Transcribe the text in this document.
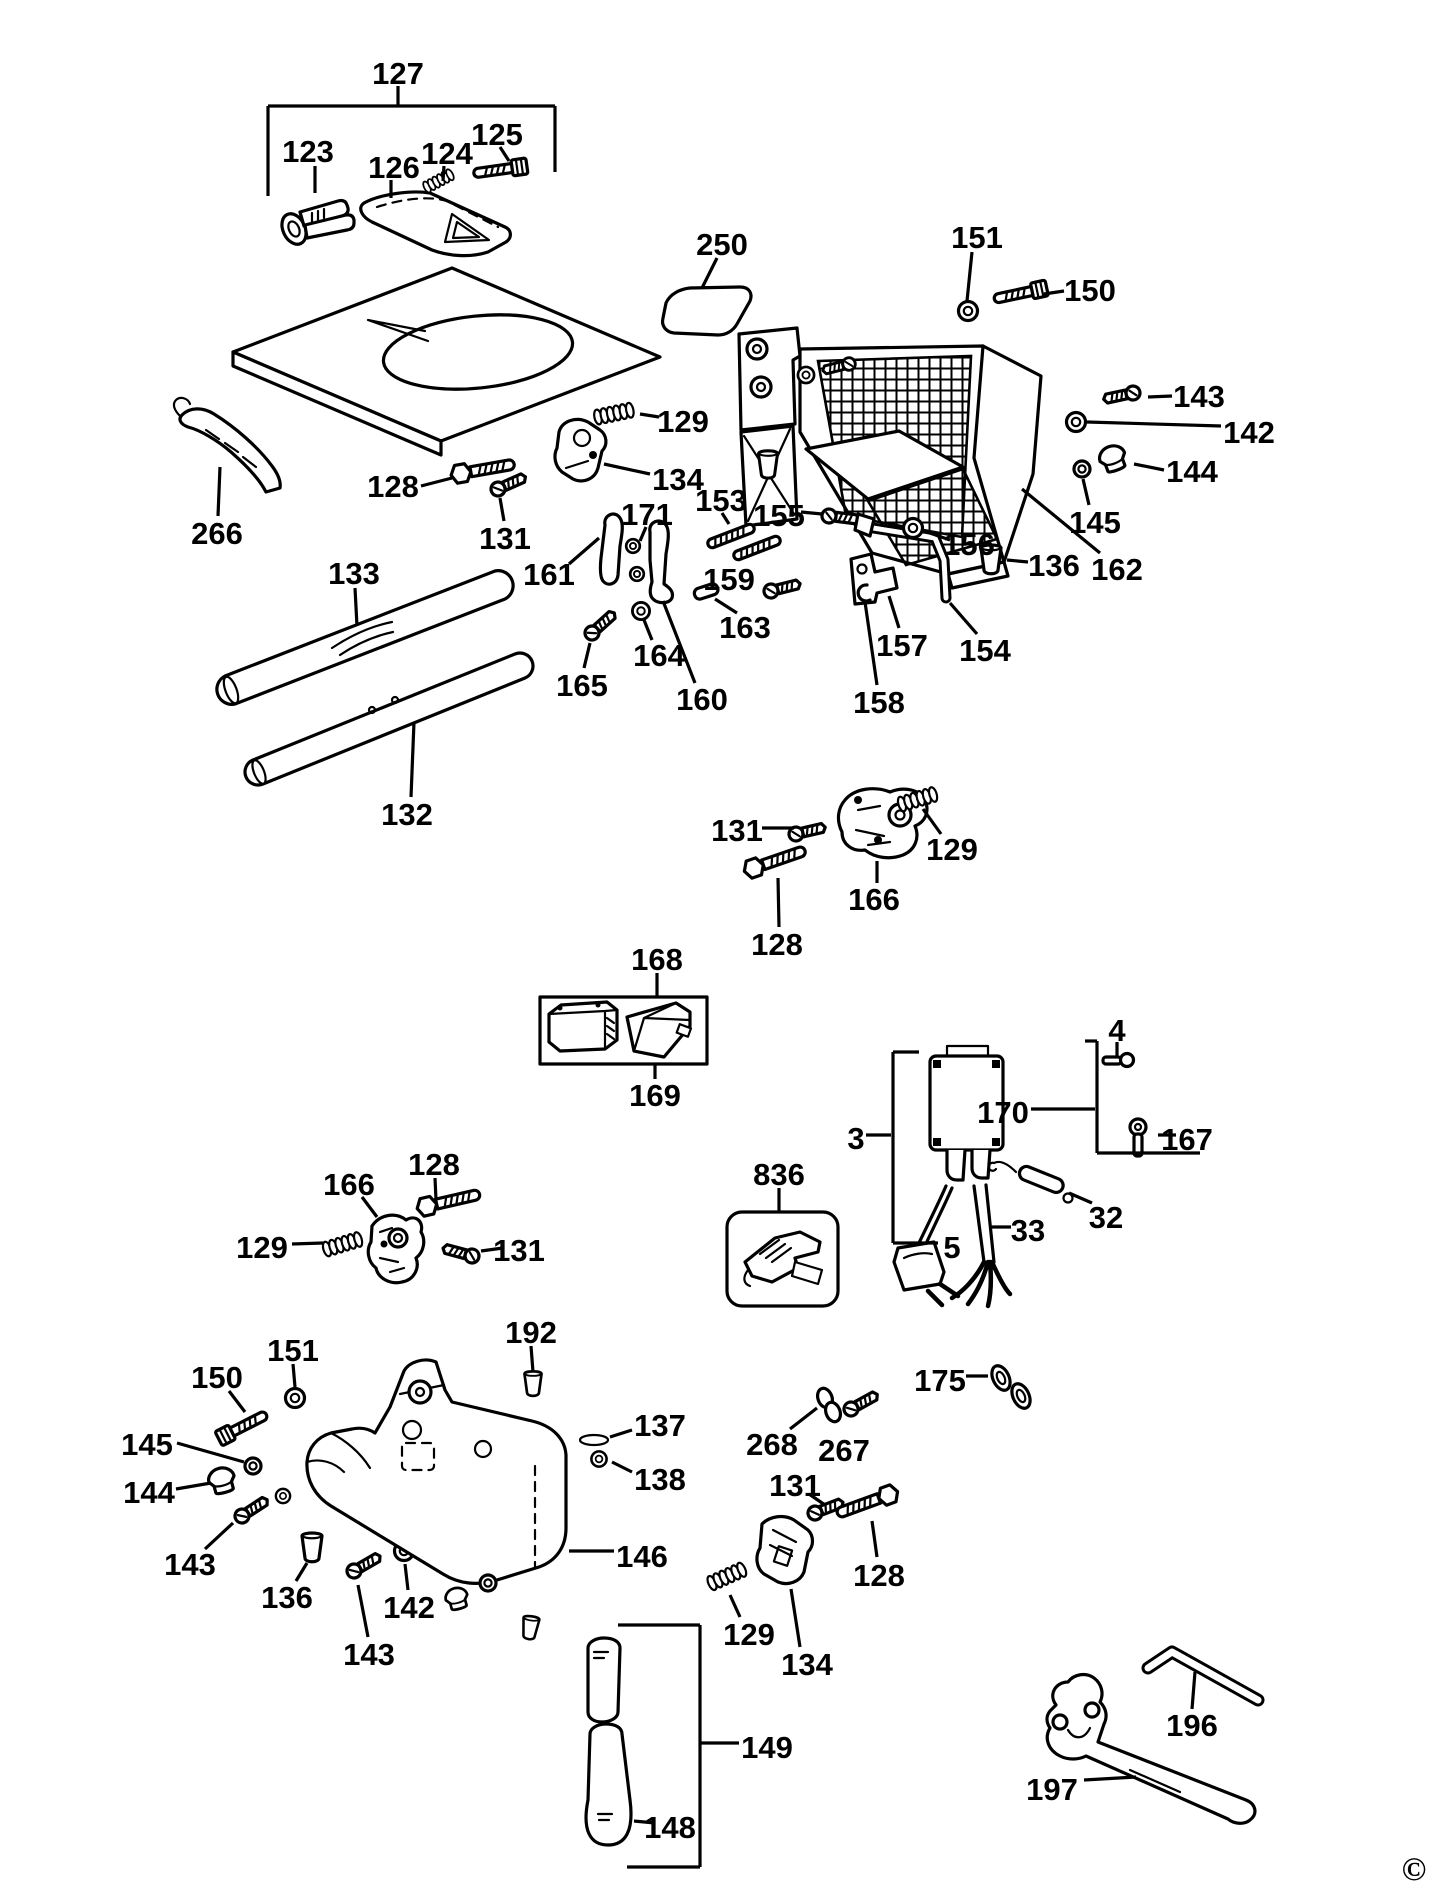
127
123 126 124
125
250	151
150
143
142
144
145
136 162
129
134
128
131
171
161
153 155
159
156
157 154
158
160
163
164
165
266
133
132	131
166
129
128
168
169
3
4
170
167
32
33
5
836
166
128
129	131
151
150
145
144
143
136
143
142
192
146
137
138
268 267
175
131
128
129
134
149
148
196
197
©
